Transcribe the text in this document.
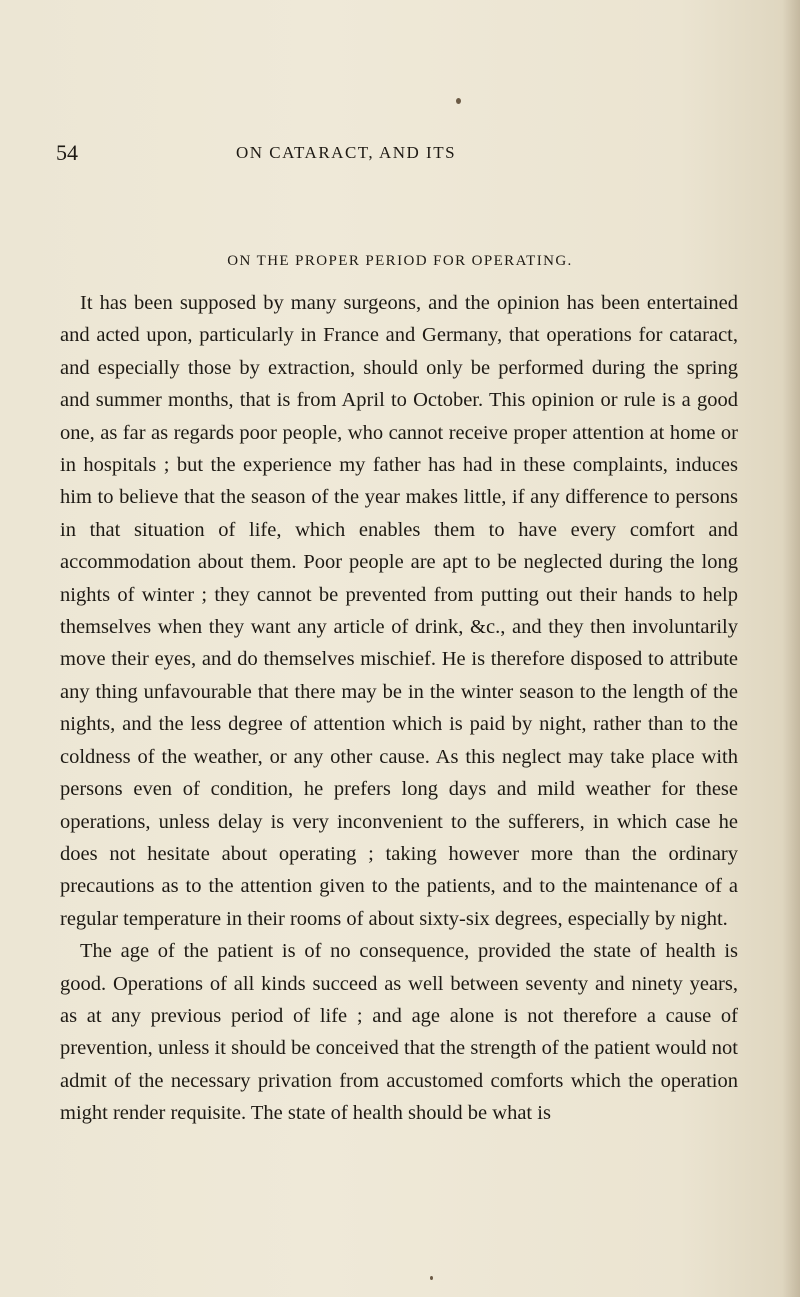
54	ON CATARACT, AND ITS
ON THE PROPER PERIOD FOR OPERATING.

It has been supposed by many surgeons, and the opinion has been entertained and acted upon, particularly in France and Germany, that operations for cataract, and especially those by extraction, should only be performed during the spring and summer months, that is from April to October. This opinion or rule is a good one, as far as regards poor people, who cannot receive proper attention at home or in hospitals ; but the experience my father has had in these complaints, induces him to believe that the season of the year makes little, if any difference to persons in that situation of life, which enables them to have every comfort and accommodation about them. Poor people are apt to be neglected during the long nights of winter ; they cannot be prevented from putting out their hands to help themselves when they want any article of drink, &c., and they then involuntarily move their eyes, and do themselves mischief. He is therefore disposed to attribute any thing unfavourable that there may be in the winter season to the length of the nights, and the less degree of attention which is paid by night, rather than to the coldness of the weather, or any other cause. As this neglect may take place with persons even of condition, he prefers long days and mild weather for these operations, unless delay is very inconvenient to the sufferers, in which case he does not hesitate about operating ; taking however more than the ordinary precautions as to the attention given to the patients, and to the maintenance of a regular temperature in their rooms of about sixty-six degrees, especially by night.

The age of the patient is of no consequence, provided the state of health is good. Operations of all kinds succeed as well between seventy and ninety years, as at any previous period of life ; and age alone is not therefore a cause of prevention, unless it should be conceived that the strength of the patient would not admit of the necessary privation from accustomed comforts which the operation might render requisite. The state of health should be what is
